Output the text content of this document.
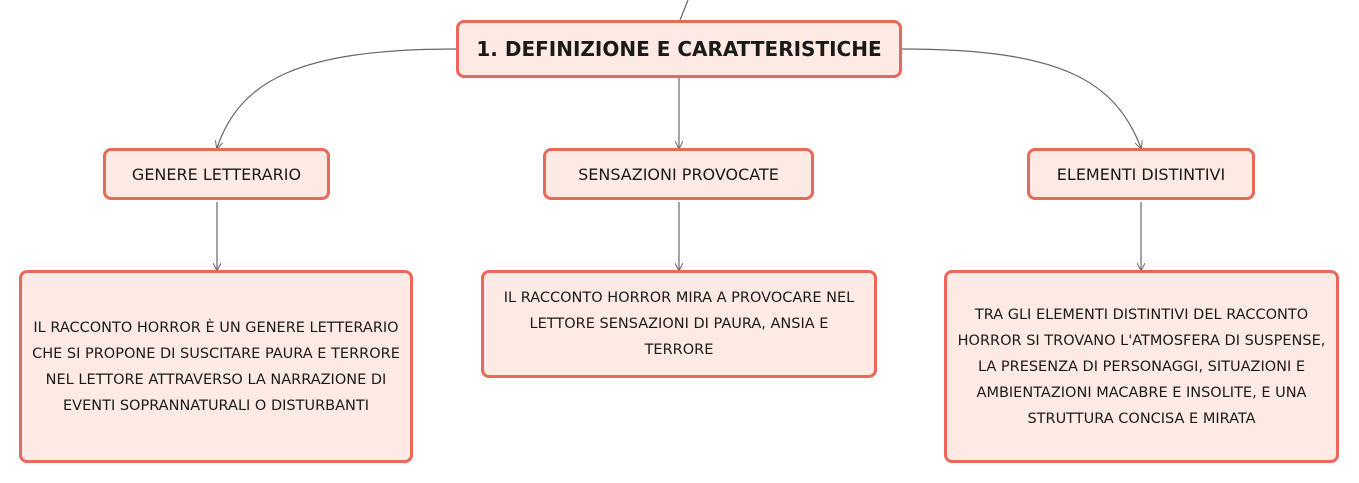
1. DEFINIZIONE E CARATTERISTICHE
GENERE LETTERARIO	SENSAZIONI PROVOCATE	ELEMENTI DISTINTIVI
IL RACCONTO HORROR È UN GENERE LETTERARIO CHE SI PROPONE DI SUSCITARE PAURA E TERRORE NEL LETTORE ATTRAVERSO LA NARRAZIONE DI EVENTI SOPRANNATURALI O DISTURBANTI
IL RACCONTO HORROR MIRA A PROVOCARE NEL LETTORE SENSAZIONI DI PAURA, ANSIA E TERRORE
TRA GLI ELEMENTI DISTINTIVI DEL RACCONTO HORROR SI TROVANO L'ATMOSFERA DI SUSPENSE, LA PRESENZA DI PERSONAGGI, SITUAZIONI E AMBIENTAZIONI MACABRE E INSOLITE, E UNA STRUTTURA CONCISA E MIRATA
